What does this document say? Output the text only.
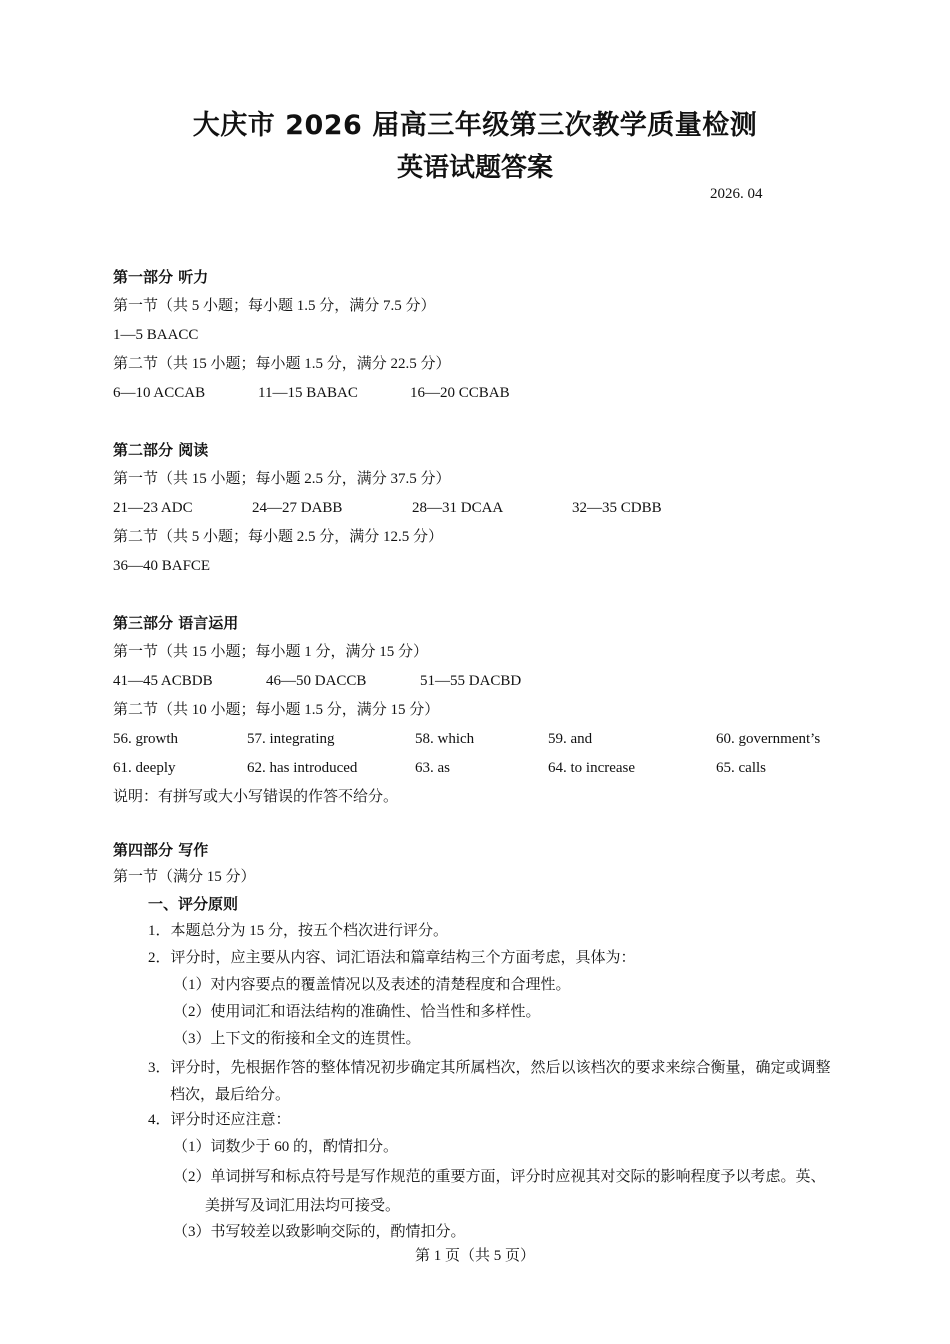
大庆市 2026 届高三年级第三次教学质量检测
英语试题答案
2026. 04
第一部分 听力
第一节（共 5 小题；每小题 1.5 分，满分 7.5 分）
1—5 BAACC
第二节（共 15 小题；每小题 1.5 分，满分 22.5 分）
6—10 ACCAB	11—15 BABAC	16—20 CCBAB
第二部分 阅读
第一节（共 15 小题；每小题 2.5 分，满分 37.5 分）
21—23 ADC	24—27 DABB	28—31 DCAA	32—35 CDBB
第二节（共 5 小题；每小题 2.5 分，满分 12.5 分）
36—40 BAFCE
第三部分 语言运用
第一节（共 15 小题；每小题 1 分，满分 15 分）
41—45 ACBDB	46—50 DACCB	51—55 DACBD
第二节（共 10 小题；每小题 1.5 分，满分 15 分）
56. growth	57. integrating	58. which	59. and	60. government’s
61. deeply	62. has introduced	63. as	64. to increase	65. calls
说明：有拼写或大小写错误的作答不给分。
第四部分 写作
第一节（满分 15 分）
一、评分原则
1．本题总分为 15 分，按五个档次进行评分。
2．评分时，应主要从内容、词汇语法和篇章结构三个方面考虑，具体为：
（1）对内容要点的覆盖情况以及表述的清楚程度和合理性。
（2）使用词汇和语法结构的准确性、恰当性和多样性。
（3）上下文的衔接和全文的连贯性。
3．评分时，先根据作答的整体情况初步确定其所属档次，然后以该档次的要求来综合衡量，确定或调整档次，最后给分。
4．评分时还应注意：
（1）词数少于 60 的，酌情扣分。
（2）单词拼写和标点符号是写作规范的重要方面，评分时应视其对交际的影响程度予以考虑。英、美拼写及词汇用法均可接受。
（3）书写较差以致影响交际的，酌情扣分。
第 1 页（共 5 页）
